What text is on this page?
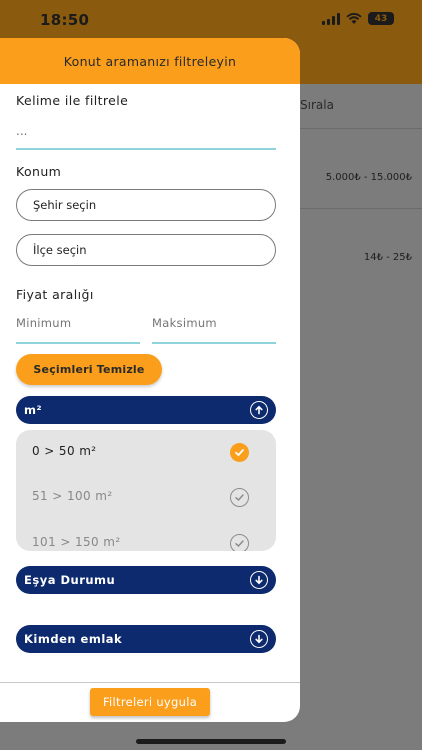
18:50	43
Sırala
5.000₺ - 15.000₺
14₺ - 25₺
Konut aramanızı filtreleyin
Kelime ile filtrele
...
Konum
Şehir seçin
İlçe seçin
Fiyat aralığı
Minimum
Maksimum
Seçimleri Temizle
m²
0 > 50 m²
51 > 100 m²
101 > 150 m²
Eşya Durumu
Kimden emlak
Filtreleri uygula
